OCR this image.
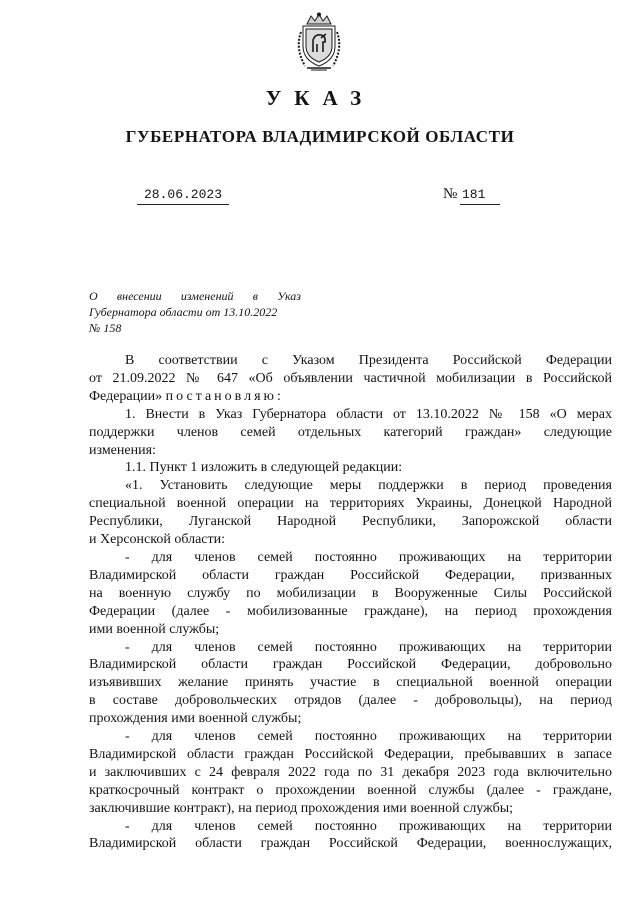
УКАЗ
ГУБЕРНАТОРА ВЛАДИМИРСКОЙ ОБЛАСТИ
28.06.2023	№ 181
О внесении изменений в Указ
Губернатора области от 13.10.2022
№ 158

В соответствии с Указом Президента Российской Федерации

от 21.09.2022 № 647 «Об объявлении частичной мобилизации в Российской
Федерации» постановляю:

1. Внести в Указ Губернатора области от 13.10.2022 № 158 «О мерах

поддержки членов семей отдельных категорий граждан» следующие
изменения:

1.1. Пункт 1 изложить в следующей редакции:

«1. Установить следующие меры поддержки в период проведения

специальной военной операции на территориях Украины, Донецкой Народной
Республики, Луганской Народной Республики, Запорожской области
и Херсонской области:

- для членов семей постоянно проживающих на территории

Владимирской области граждан Российской Федерации, призванных
на военную службу по мобилизации в Вооруженные Силы Российской
Федерации (далее - мобилизованные граждане), на период прохождения
ими военной службы;

- для членов семей постоянно проживающих на территории

Владимирской области граждан Российской Федерации, добровольно
изъявивших желание принять участие в специальной военной операции
в составе добровольческих отрядов (далее - добровольцы), на период
прохождения ими военной службы;

- для членов семей постоянно проживающих на территории

Владимирской области граждан Российской Федерации, пребывавших в запасе
и заключивших с 24 февраля 2022 года по 31 декабря 2023 года включительно
краткосрочный контракт о прохождении военной службы (далее - граждане,
заключившие контракт), на период прохождения ими военной службы;

- для членов семей постоянно проживающих на территории

Владимирской области граждан Российской Федерации, военнослужащих,
